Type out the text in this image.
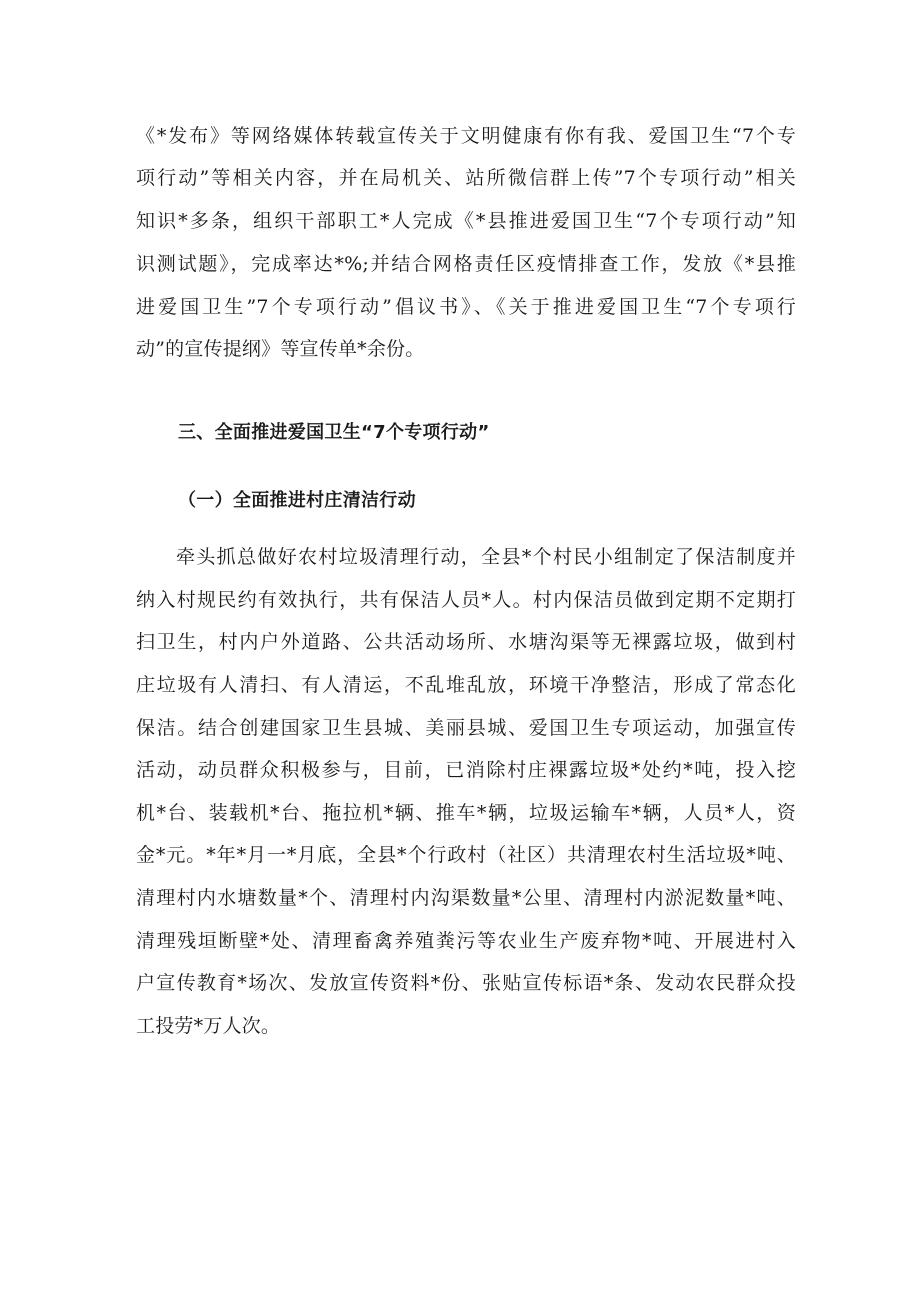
《*发布》等网络媒体转载宣传关于文明健康有你有我、爱国卫生“7个专
项行动”等相关内容，并在局机关、站所微信群上传”7个专项行动”相关
知识*多条，组织干部职工*人完成《*县推进爱国卫生“7个专项行动”知
识测试题》，完成率达*%;并结合网格责任区疫情排查工作，发放《*县推
进爱国卫生”7个专项行动”倡议书》、《关于推进爱国卫生“7个专项行
动”的宣传提纲》等宣传单*余份。
三、全面推进爱国卫生“7个专项行动”
（一）全面推进村庄清洁行动
牵头抓总做好农村垃圾清理行动，全县*个村民小组制定了保洁制度并
纳入村规民约有效执行，共有保洁人员*人。村内保洁员做到定期不定期打
扫卫生，村内户外道路、公共活动场所、水塘沟渠等无裸露垃圾，做到村
庄垃圾有人清扫、有人清运，不乱堆乱放，环境干净整洁，形成了常态化
保洁。结合创建国家卫生县城、美丽县城、爱国卫生专项运动，加强宣传
活动，动员群众积极参与，目前，已消除村庄裸露垃圾*处约*吨，投入挖
机*台、装载机*台、拖拉机*辆、推车*辆，垃圾运输车*辆，人员*人，资
金*元。*年*月一*月底，全县*个行政村（社区）共清理农村生活垃圾*吨、
清理村内水塘数量*个、清理村内沟渠数量*公里、清理村内淤泥数量*吨、
清理残垣断壁*处、清理畜禽养殖粪污等农业生产废弃物*吨、开展进村入
户宣传教育*场次、发放宣传资料*份、张贴宣传标语*条、发动农民群众投
工投劳*万人次。
